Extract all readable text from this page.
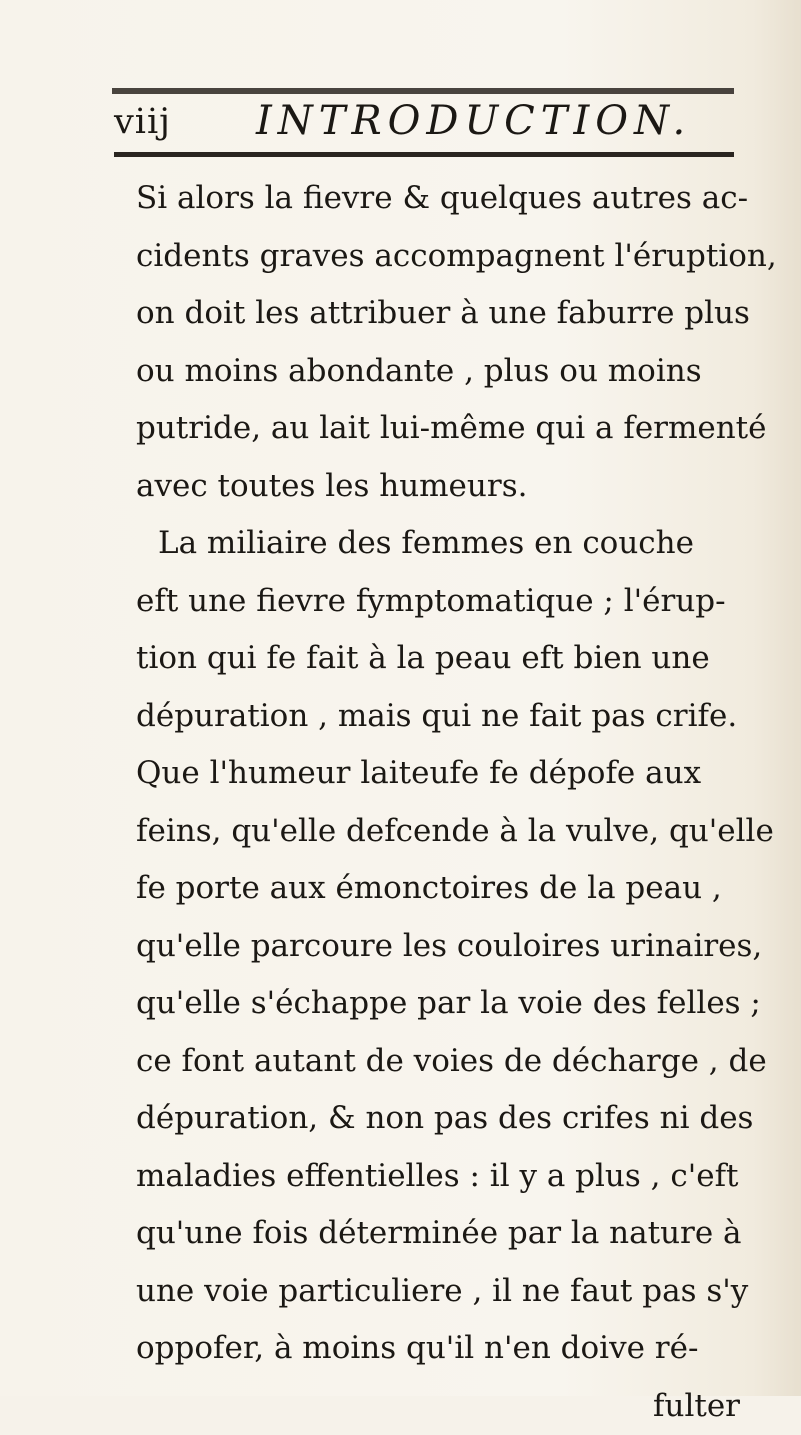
viij INTRODUCTION.
Si alors la fievre & quelques autres ac-
cidents graves accompagnent l'éruption,
on doit les attribuer à une faburre plus
ou moins abondante , plus ou moins
putride, au lait lui-même qui a fermenté
avec toutes les humeurs.
La miliaire des femmes en couche
eft une fievre fymptomatique ; l'érup-
tion qui fe fait à la peau eft bien une
dépuration , mais qui ne fait pas crife.
Que l'humeur laiteufe fe dépofe aux
feins, qu'elle defcende à la vulve, qu'elle
fe porte aux émonctoires de la peau ,
qu'elle parcoure les couloires urinaires,
qu'elle s'échappe par la voie des felles ;
ce font autant de voies de décharge , de
dépuration, & non pas des crifes ni des
maladies effentielles : il y a plus , c'eft
qu'une fois déterminée par la nature à
une voie particuliere , il ne faut pas s'y
oppofer, à moins qu'il n'en doive ré-
fulter
